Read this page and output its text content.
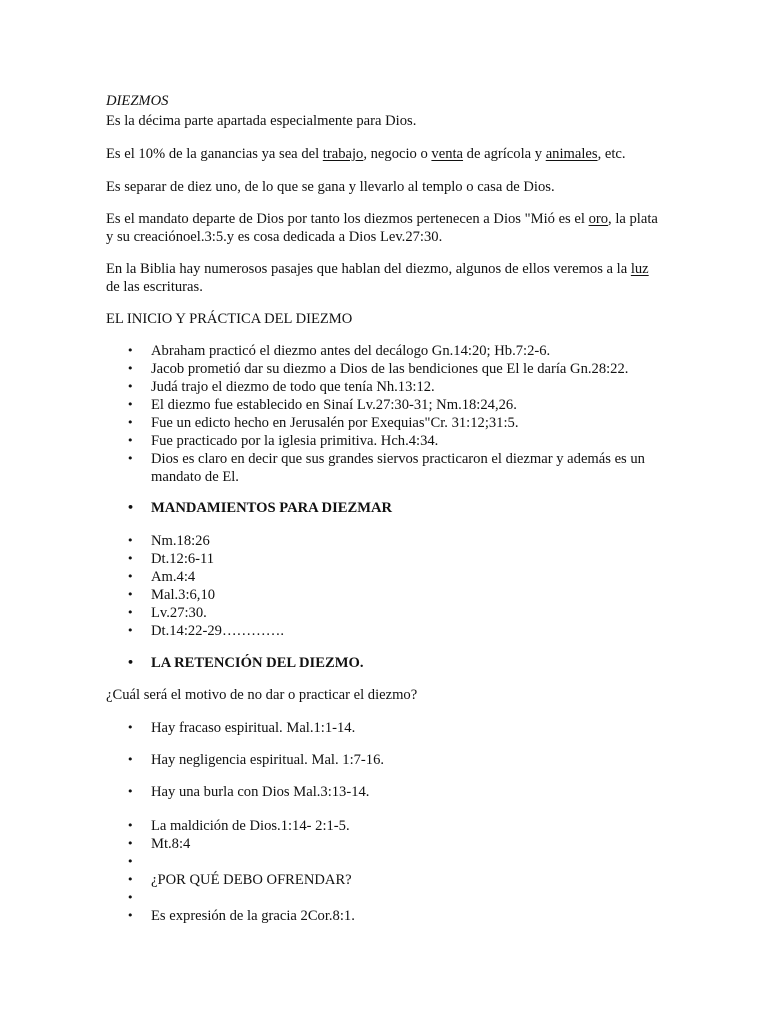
DIEZMOS

Es la décima parte apartada especialmente para Dios.

Es el 10% de la ganancias ya sea del trabajo, negocio o venta de agrícola y animales, etc.

Es separar de diez uno, de lo que se gana y llevarlo al templo o casa de Dios.

Es el mandato departe de Dios por tanto los diezmos pertenecen a Dios "Mió es el oro, la plata y su creaciónoel.3:5.y es cosa dedicada a Dios Lev.27:30.

En la Biblia hay numerosos pasajes que hablan del diezmo, algunos de ellos veremos a la luz de las escrituras.

EL INICIO Y PRÁCTICA DEL DIEZMO

• Abraham practicó el diezmo antes del decálogo Gn.14:20; Hb.7:2-6.
• Jacob prometió dar su diezmo a Dios de las bendiciones que El le daría Gn.28:22.
• Judá trajo el diezmo de todo que tenía Nh.13:12.
• El diezmo fue establecido en Sinaí Lv.27:30-31; Nm.18:24,26.
• Fue un edicto hecho en Jerusalén por Exequias"Cr. 31:12;31:5.
• Fue practicado por la iglesia primitiva. Hch.4:34.
• Dios es claro en decir que sus grandes siervos practicaron el diezmar y además es un mandato de El.
• MANDAMIENTOS PARA DIEZMAR
• Nm.18:26
• Dt.12:6-11
• Am.4:4
• Mal.3:6,10
• Lv.27:30.
• Dt.14:22-29………….
• LA RETENCIÓN DEL DIEZMO.

¿Cuál será el motivo de no dar o practicar el diezmo?

• Hay fracaso espiritual. Mal.1:1-14.
• Hay negligencia espiritual. Mal. 1:7-16.
• Hay una burla con Dios Mal.3:13-14.
• La maldición de Dios.1:14- 2:1-5.
• Mt.8:4
•
• ¿POR QUÉ DEBO OFRENDAR?
•
• Es expresión de la gracia 2Cor.8:1.
